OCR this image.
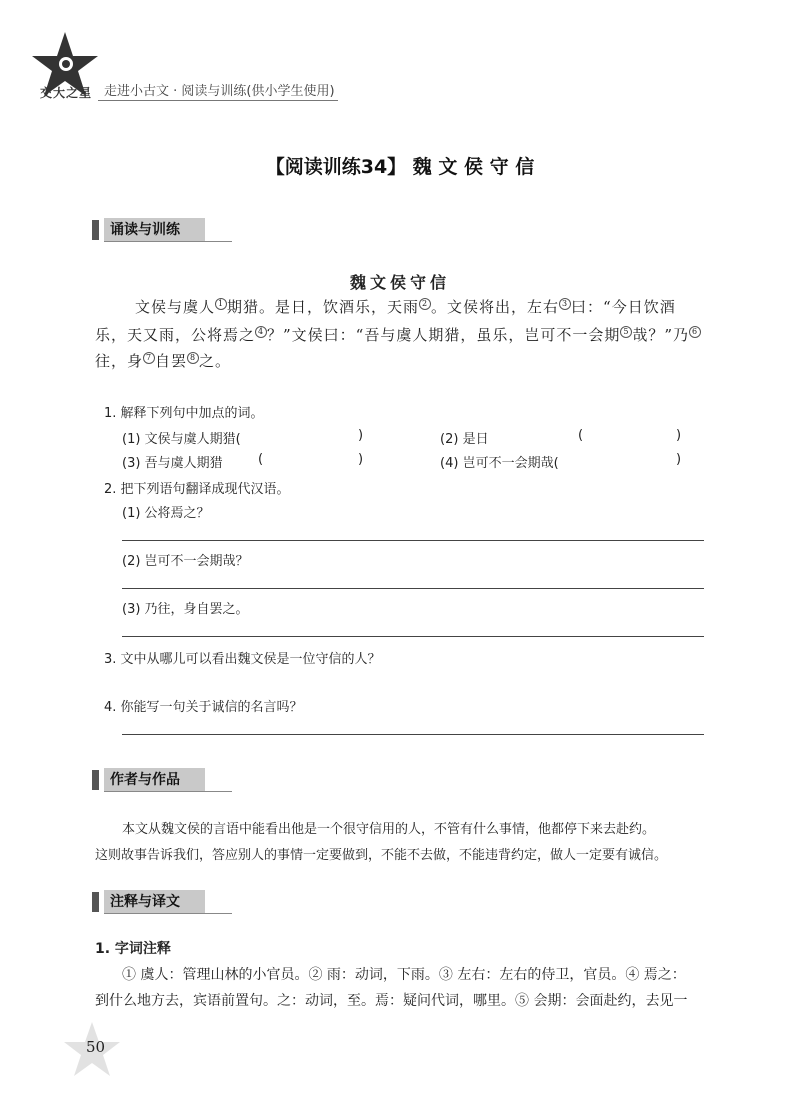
交大之星 走进小古文 · 阅读与训练(供小学生使用)
【阅读训练34】 魏 文 侯 守 信
诵读与训练
魏文侯守信
文侯与虞人 1 期猎。是日，饮酒乐，天雨 2 。文侯将出，左右 3 曰：“今日饮酒
乐，天又雨，公将焉之 4 ？”文侯曰：“吾与虞人期猎，虽乐，岂可不一会期 5 哉？”乃 6
往，身 7 自罢 8 之。
1. 解释下列句中加点的词。
(1) 文侯与虞人期猎(	)	(2) 是日	(	)
(3) 吾与虞人期猎	(	)	(4) 岂可不一会期哉(	)
2. 把下列语句翻译成现代汉语。
(1) 公将焉之？
(2) 岂可不一会期哉？
(3) 乃往，身自罢之。
3. 文中从哪儿可以看出魏文侯是一位守信的人？
4. 你能写一句关于诚信的名言吗？
作者与作品
本文从魏文侯的言语中能看出他是一个很守信用的人，不管有什么事情，他都停下来去赴约。
这则故事告诉我们，答应别人的事情一定要做到，不能不去做，不能违背约定，做人一定要有诚信。
注释与译文
1. 字词注释
① 虞人：管理山林的小官员。② 雨：动词，下雨。③ 左右：左右的侍卫，官员。④ 焉之：
到什么地方去，宾语前置句。之：动词，至。焉：疑问代词，哪里。⑤ 会期：会面赴约，去见一
50
